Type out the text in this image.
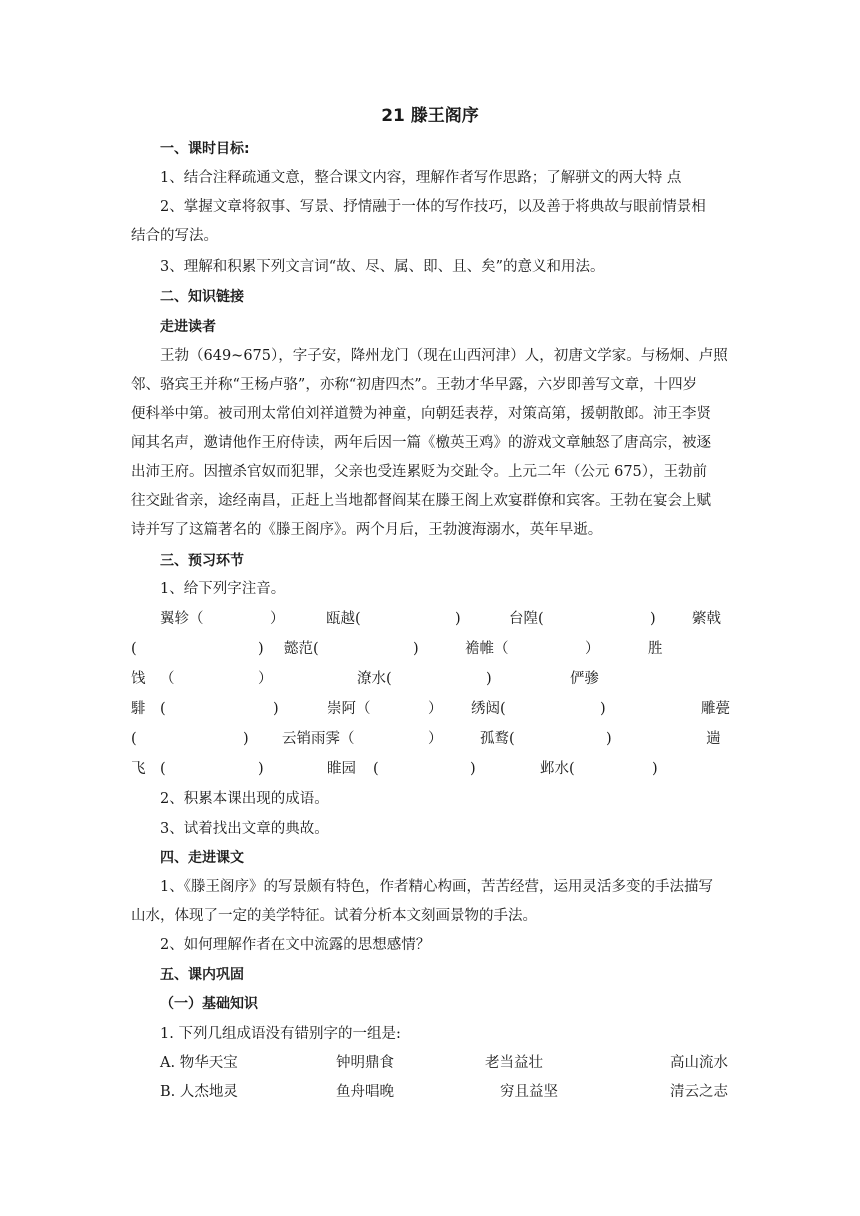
21 滕王阁序
一、课时目标:
1、结合注释疏通文意，整合课文内容，理解作者写作思路；了解骈文的两大特 点
2、掌握文章将叙事、写景、抒情融于一体的写作技巧，以及善于将典故与眼前情景相
结合的写法。
3、理解和积累下列文言词“故、尽、属、即、且、矣”的意义和用法。
二、知识链接
走进读者
王勃（649~675），字子安，降州龙门（现在山西河津）人，初唐文学家。与杨炯、卢照
邻、骆宾王并称“王杨卢骆”，亦称“初唐四杰”。王勃才华早露，六岁即善写文章，十四岁
便科举中第。被司刑太常伯刘祥道赞为神童，向朝廷表荐，对策高第，援朝散郎。沛王李贤
闻其名声，邀请他作王府侍读，两年后因一篇《檄英王鸡》的游戏文章触怒了唐高宗，被逐
出沛王府。因擅杀官奴而犯罪，父亲也受连累贬为交趾令。上元二年（公元 675），王勃前
往交趾省亲，途经南昌，正赶上当地都督阎某在滕王阁上欢宴群僚和宾客。王勃在宴会上赋
诗并写了这篇著名的《滕王阁序》。两个月后，王勃渡海溺水，英年早逝。
三、预习环节
1、给下列字注音。
翼轸（	）	瓯越(	)	台隍(	)	綮戟
(	) 懿范(	)	襜帷（	）	胜
饯 （	）	潦水(	)	俨骖
騑 (	)	崇阿（	） 绣闼(	)	雕甍
(	) 云销雨霁（	）	孤鹜(	)	遄
飞 (	)	睢园 (	)	邺水(	)
2、积累本课出现的成语。
3、试着找出文章的典故。
四、走进课文
1、《滕王阁序》的写景颇有特色，作者精心构画，苦苦经营，运用灵活多变的手法描写
山水，体现了一定的美学特征。试着分析本文刻画景物的手法。
2、如何理解作者在文中流露的思想感情？
五、课内巩固
（一）基础知识
1. 下列几组成语没有错别字的一组是:
A. 物华天宝	钟明鼎食	老当益壮	高山流水
B. 人杰地灵	鱼舟唱晚	穷且益坚	清云之志
